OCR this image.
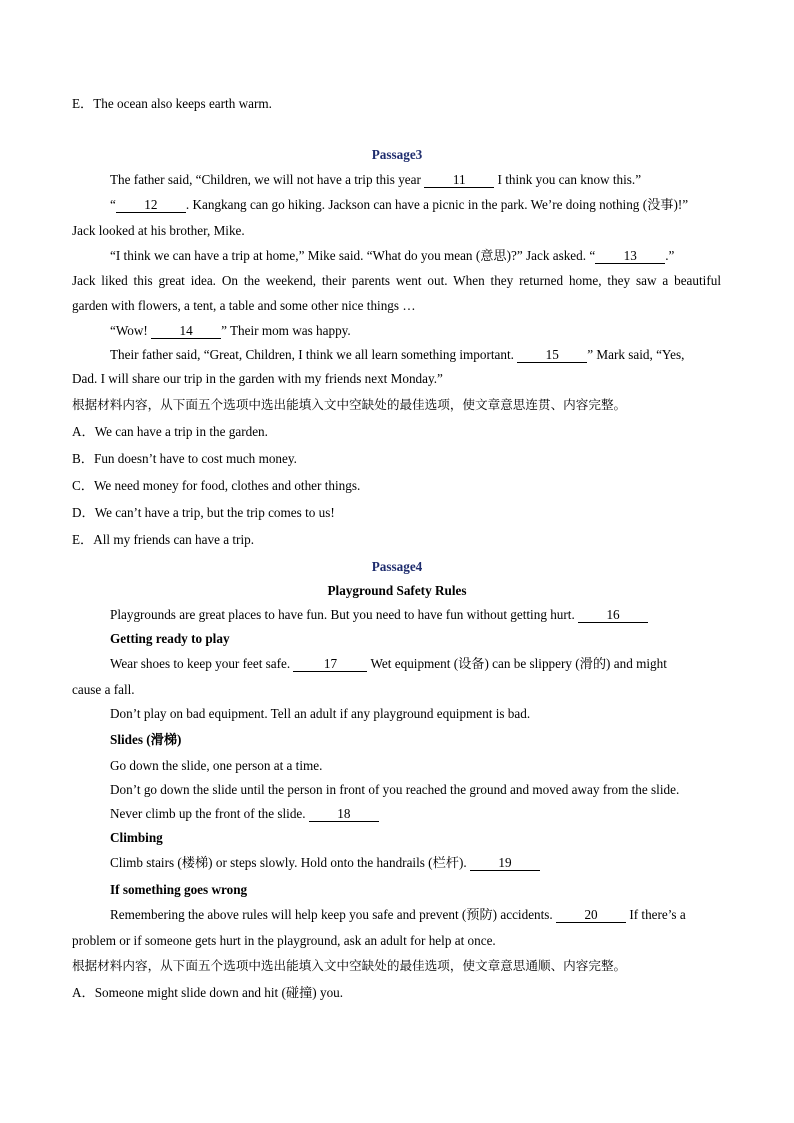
E．The ocean also keeps earth warm.
Passage3
The father said, “Children, we will not have a trip this year 11 I think you can know this.”
“ 12 . Kangkang can go hiking. Jackson can have a picnic in the park. We’re doing nothing (没事)!”
Jack looked at his brother, Mike.
“I think we can have a trip at home,” Mike said. “What do you mean (意思)?” Jack asked. “ 13 .”
Jack liked this great idea. On the weekend, their parents went out. When they returned home, they saw a beautiful
garden with flowers, a tent, a table and some other nice things …
“Wow! 14 ” Their mom was happy.
Their father said, “Great, Children, I think we all learn something important. 15 ” Mark said, “Yes,
Dad. I will share our trip in the garden with my friends next Monday.”
根据材料内容，从下面五个选项中选出能填入文中空缺处的最佳选项，使文章意思连贯、内容完整。
A．We can have a trip in the garden.
B．Fun doesn’t have to cost much money.
C．We need money for food, clothes and other things.
D．We can’t have a trip, but the trip comes to us!
E．All my friends can have a trip.
Passage4
Playground Safety Rules
Playgrounds are great places to have fun. But you need to have fun without getting hurt. 16
Getting ready to play
Wear shoes to keep your feet safe. 17 Wet equipment (设备) can be slippery (滑的) and might
cause a fall.
Don’t play on bad equipment. Tell an adult if any playground equipment is bad.
Slides (滑梯)
Go down the slide, one person at a time.
Don’t go down the slide until the person in front of you reached the ground and moved away from the slide.
Never climb up the front of the slide. 18
Climbing
Climb stairs (楼梯) or steps slowly. Hold onto the handrails (栏杆). 19
If something goes wrong
Remembering the above rules will help keep you safe and prevent (预防) accidents. 20 If there’s a
problem or if someone gets hurt in the playground, ask an adult for help at once.
根据材料内容，从下面五个选项中选出能填入文中空缺处的最佳选项，使文章意思通顺、内容完整。
A．Someone might slide down and hit (碰撞) you.
